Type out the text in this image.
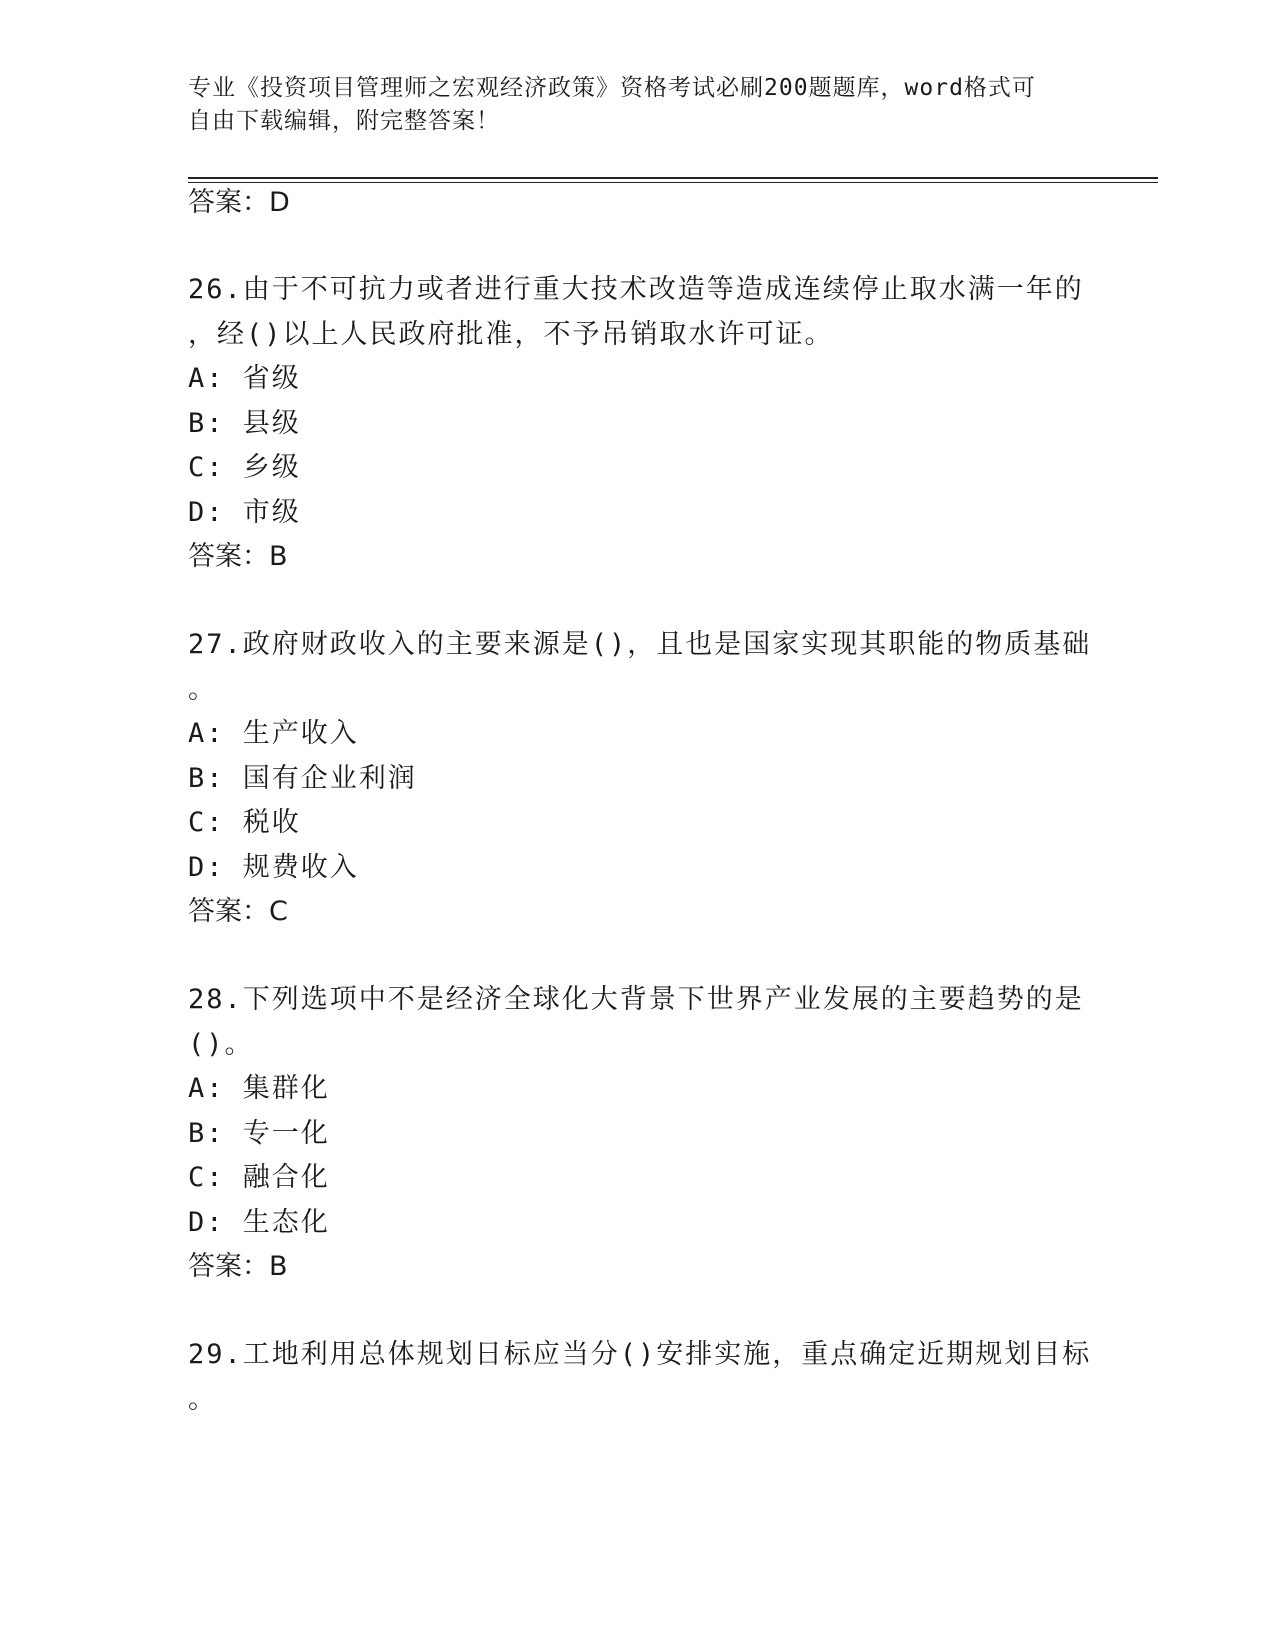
专业《投资项目管理师之宏观经济政策》资格考试必刷200题题库，word格式可
自由下载编辑，附完整答案！
答案：D
26.由于不可抗力或者进行重大技术改造等造成连续停止取水满一年的
，经()以上人民政府批准，不予吊销取水许可证。
A: 省级
B: 县级
C: 乡级
D: 市级
答案：B
27.政府财政收入的主要来源是()，且也是国家实现其职能的物质基础
。
A: 生产收入
B: 国有企业利润
C: 税收
D: 规费收入
答案：C
28.下列选项中不是经济全球化大背景下世界产业发展的主要趋势的是
()。
A: 集群化
B: 专一化
C: 融合化
D: 生态化
答案：B
29.工地利用总体规划日标应当分()安排实施，重点确定近期规划目标
。
